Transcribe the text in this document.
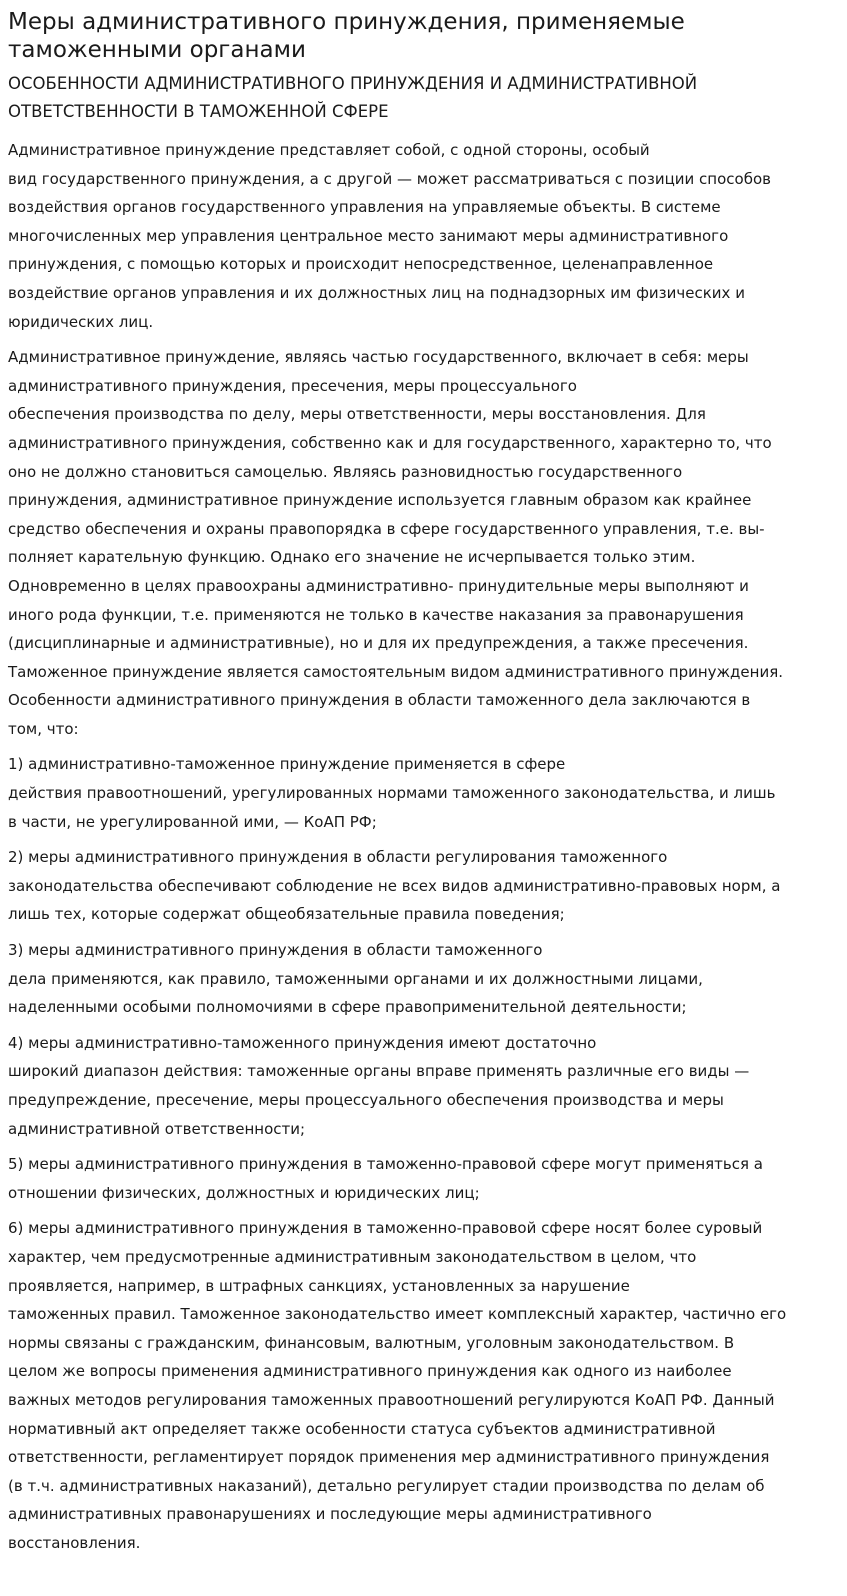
Меры административного принуждения, применяемые таможенными органами
ОСОБЕННОСТИ АДМИНИСТРАТИВНОГО ПРИНУЖДЕНИЯ И АДМИНИСТРАТИВНОЙ ОТВЕТСТВЕННОСТИ В ТАМОЖЕННОЙ СФЕРЕ

Административное принуждение представляет собой, с одной стороны, особый
вид государственного принуждения, а с другой — может рассматриваться с позиции способов
воздействия органов государственного управления на управляемые объекты. В системе
многочисленных мер управления центральное место занимают меры административного
принуждения, с помощью которых и происходит непосредственное, целенаправленное
воздействие органов управления и их должностных лиц на поднадзорных им физических и
юридических лиц.

Административное принуждение, являясь частью государственного, включает в себя: меры
административного принуждения, пресечения, меры процессуального
обеспечения производства по делу, меры ответственности, меры восстановления. Для
административного принуждения, собственно как и для государственного, характерно то, что
оно не должно становиться самоцелью. Являясь разновидностью государственного
принуждения, административное принуждение используется главным образом как крайнее
средство обеспечения и охраны правопорядка в сфере государственного управления, т.е. вы-
полняет карательную функцию. Однако его значение не исчерпывается только этим.
Одновременно в целях правоохраны административно- принудительные меры выполняют и
иного рода функции, т.е. применяются не только в качестве наказания за правонарушения
(дисциплинарные и административные), но и для их предупреждения, а также пресечения.
Таможенное принуждение является самостоятельным видом административного принуждения.
Особенности административного принуждения в области таможенного дела заключаются в
том, что:

1) административно-таможенное принуждение применяется в сфере
действия правоотношений, урегулированных нормами таможенного законодательства, и лишь
в части, не урегулированной ими, — КоАП РФ;

2) меры административного принуждения в области регулирования таможенного
законодательства обеспечивают соблюдение не всех видов административно-правовых норм, а
лишь тех, которые содержат общеобязательные правила поведения;

3) меры административного принуждения в области таможенного
дела применяются, как правило, таможенными органами и их должностными лицами,
наделенными особыми полномочиями в сфере правоприменительной деятельности;

4) меры административно-таможенного принуждения имеют достаточно
широкий диапазон действия: таможенные органы вправе применять различные его виды —
предупреждение, пресечение, меры процессуального обеспечения производства и меры
административной ответственности;

5) меры административного принуждения в таможенно-правовой сфере могут применяться а
отношении физических, должностных и юридических лиц;

6) меры административного принуждения в таможенно-правовой сфере носят более суровый
характер, чем предусмотренные административным законодательством в целом, что
проявляется, например, в штрафных санкциях, установленных за нарушение
таможенных правил. Таможенное законодательство имеет комплексный характер, частично его
нормы связаны с гражданским, финансовым, валютным, уголовным законодательством. В
целом же вопросы применения административного принуждения как одного из наиболее
важных методов регулирования таможенных правоотношений регулируются КоАП РФ. Данный
нормативный акт определяет также особенности статуса субъектов административной
ответственности, регламентирует порядок применения мер административного принуждения
(в т.ч. административных наказаний), детально регулирует стадии производства по делам об
административных правонарушениях и последующие меры административного
восстановления.
